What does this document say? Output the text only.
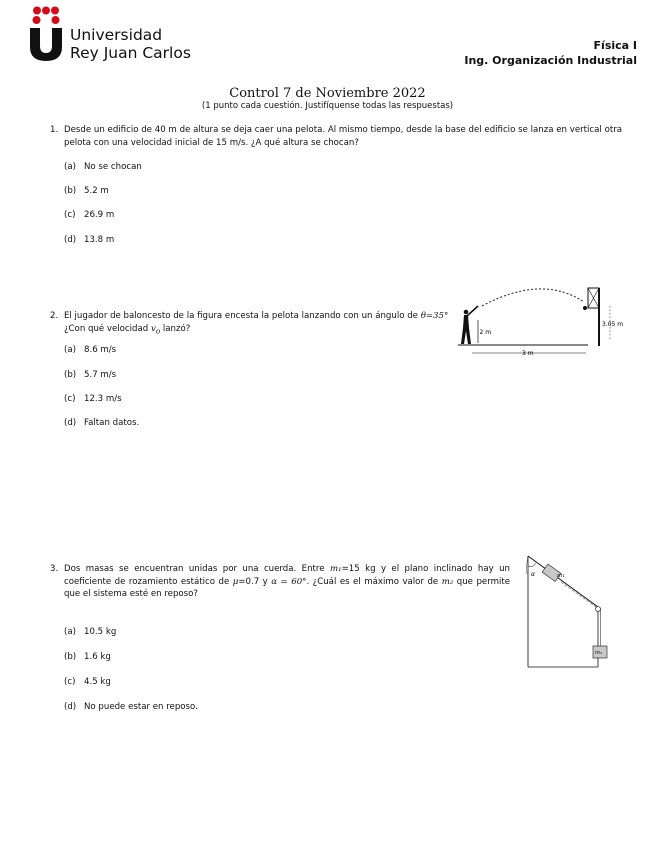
Universidad
Rey Juan Carlos	Física I
Ing. Organización Industrial
Control 7 de Noviembre 2022
(1 punto cada cuestión. Justifíquense todas las respuestas)
1. Desde un edificio de 40 m de altura se deja caer una pelota. Al mismo tiempo, desde la base del edificio se lanza en vertical otra pelota con una velocidad inicial de 15 m/s. ¿A qué altura se chocan?
(a) No se chocan
(b) 5.2 m
(c) 26.9 m
(d) 13.8 m
2. El jugador de baloncesto de la figura encesta la pelota lanzando con un ángulo de θ=35°
¿Con qué velocidad $v_o$ lanzó?
(a) 8.6 m/s
(b) 5.7 m/s
(c) 12.3 m/s
(d) Faltan datos.
2 m
3 m
3.05 m
3. Dos masas se encuentran unidas por una cuerda. Entre m₁=15 kg y el plano inclinado hay un coeficiente de rozamiento estático de μ=0.7 y α = 60°. ¿Cuál es el máximo valor de m₂ que permite que el sistema esté en reposo?
(a) 10.5 kg
(b) 1.6 kg
(c) 4.5 kg
(d) No puede estar en reposo.
α	m₁
m₂
